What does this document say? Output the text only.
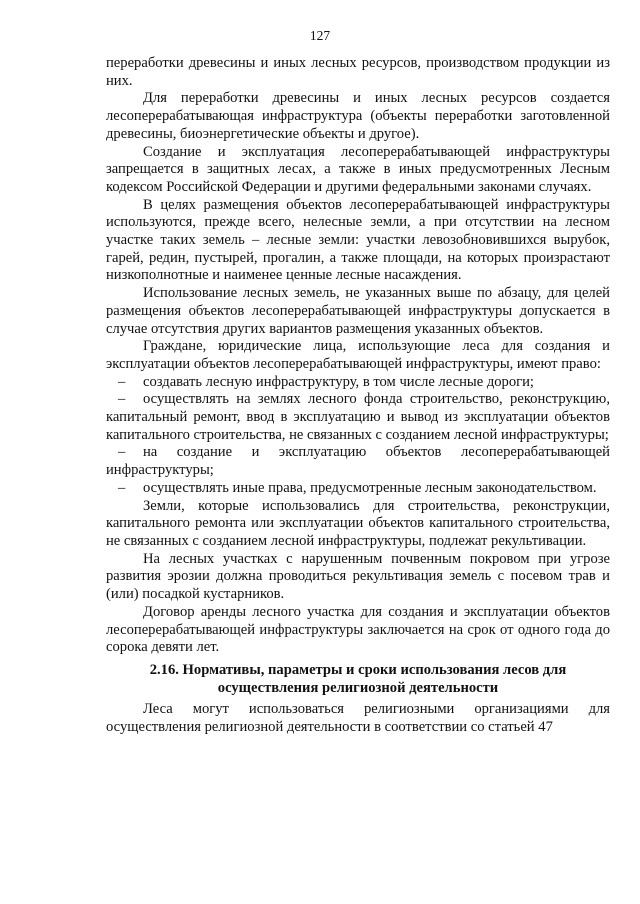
127

переработки древесины и иных лесных ресурсов, производством продукции из них.

Для переработки древесины и иных лесных ресурсов создается лесоперерабатывающая инфраструктура (объекты переработки заготовленной древесины, биоэнергетические объекты и другое).

Создание и эксплуатация лесоперерабатывающей инфраструктуры запрещается в защитных лесах, а также в иных предусмотренных Лесным кодексом Российской Федерации и другими федеральными законами случаях.

В целях размещения объектов лесоперерабатывающей инфраструктуры используются, прежде всего, нелесные земли, а при отсутствии на лесном участке таких земель – лесные земли: участки левозобновившихся вырубок, гарей, редин, пустырей, прогалин, а также площади, на которых произрастают низкополнотные и наименее ценные лесные насаждения.

Использование лесных земель, не указанных выше по абзацу, для целей размещения объектов лесоперерабатывающей инфраструктуры допускается в случае отсутствия других вариантов размещения указанных объектов.

Граждане, юридические лица, использующие леса для создания и эксплуатации объектов лесоперерабатывающей инфраструктуры, имеют право:

– создавать лесную инфраструктуру, в том числе лесные дороги;

– осуществлять на землях лесного фонда строительство, реконструкцию, капитальный ремонт, ввод в эксплуатацию и вывод из эксплуатации объектов капитального строительства, не связанных с созданием лесной инфраструктуры;

– на создание и эксплуатацию объектов лесоперерабатывающей инфраструктуры;

– осуществлять иные права, предусмотренные лесным законодательством.

Земли, которые использовались для строительства, реконструкции, капитального ремонта или эксплуатации объектов капитального строительства, не связанных с созданием лесной инфраструктуры, подлежат рекультивации.

На лесных участках с нарушенным почвенным покровом при угрозе развития эрозии должна проводиться рекультивация земель с посевом трав и (или) посадкой кустарников.

Договор аренды лесного участка для создания и эксплуатации объектов лесоперерабатывающей инфраструктуры заключается на срок от одного года до сорока девяти лет.

2.16. Нормативы, параметры и сроки использования лесов для
осуществления религиозной деятельности

Леса могут использоваться религиозными организациями для осуществления религиозной деятельности в соответствии со статьей 47
